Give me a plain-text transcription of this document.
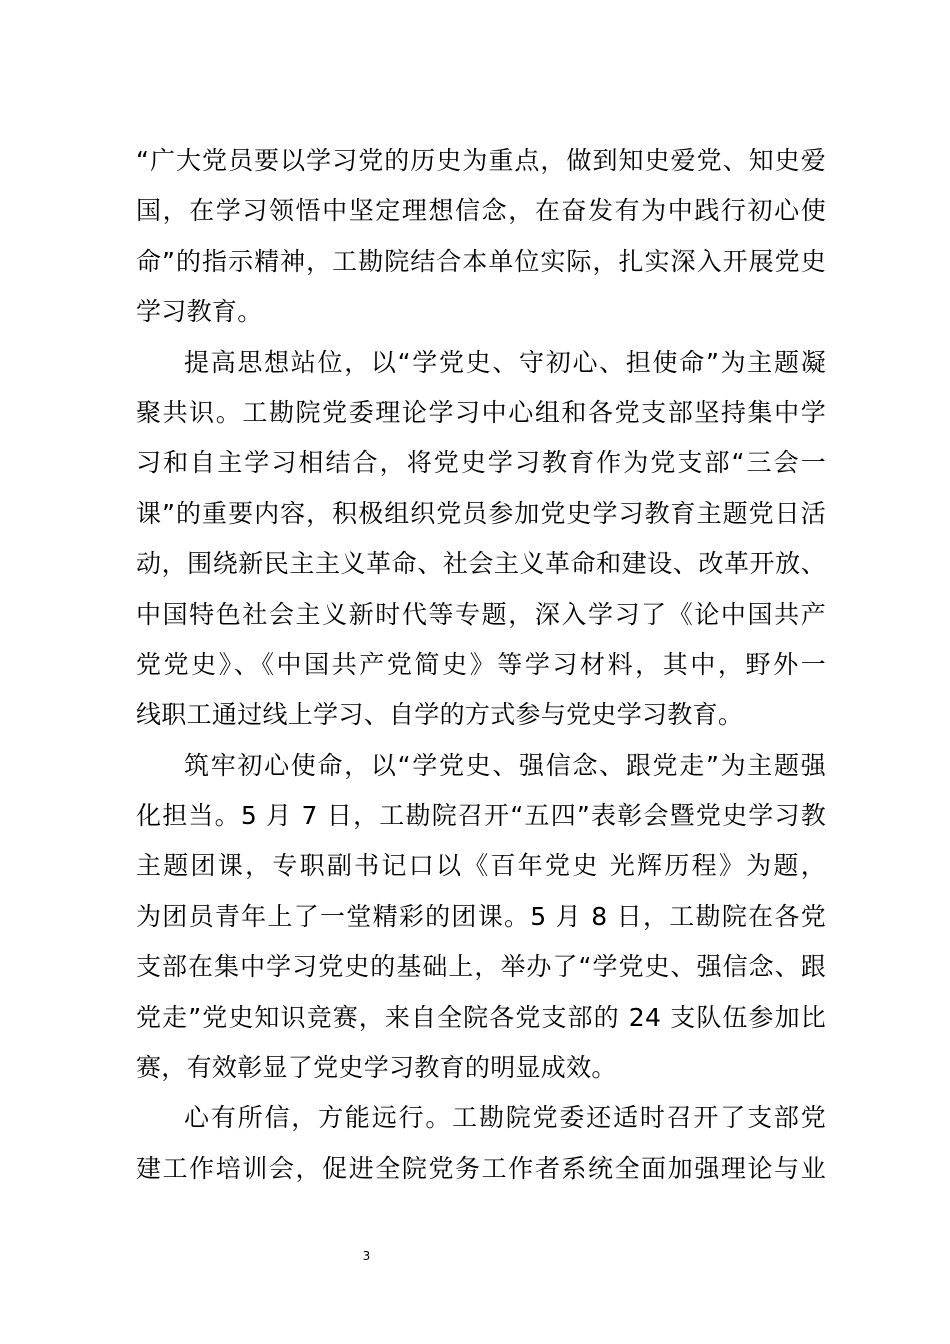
“广大党员要以学习党的历史为重点，做到知史爱党、知史爱
国，在学习领悟中坚定理想信念，在奋发有为中践行初心使
命”的指示精神，工勘院结合本单位实际，扎实深入开展党史
学习教育。
提高思想站位，以“学党史、守初心、担使命”为主题凝
聚共识。工勘院党委理论学习中心组和各党支部坚持集中学
习和自主学习相结合，将党史学习教育作为党支部“三会一
课”的重要内容，积极组织党员参加党史学习教育主题党日活
动，围绕新民主主义革命、社会主义革命和建设、改革开放、
中国特色社会主义新时代等专题，深入学习了《论中国共产
党党史》、《中国共产党简史》等学习材料，其中，野外一
线职工通过线上学习、自学的方式参与党史学习教育。
筑牢初心使命，以“学党史、强信念、跟党走”为主题强
化担当。5 月 7 日，工勘院召开“五四”表彰会暨党史学习教
主题团课，专职副书记口以《百年党史 光辉历程》为题，
为团员青年上了一堂精彩的团课。5 月 8 日，工勘院在各党
支部在集中学习党史的基础上，举办了“学党史、强信念、跟
党走”党史知识竞赛，来自全院各党支部的 24 支队伍参加比
赛，有效彰显了党史学习教育的明显成效。
心有所信，方能远行。工勘院党委还适时召开了支部党
建工作培训会，促进全院党务工作者系统全面加强理论与业
3
